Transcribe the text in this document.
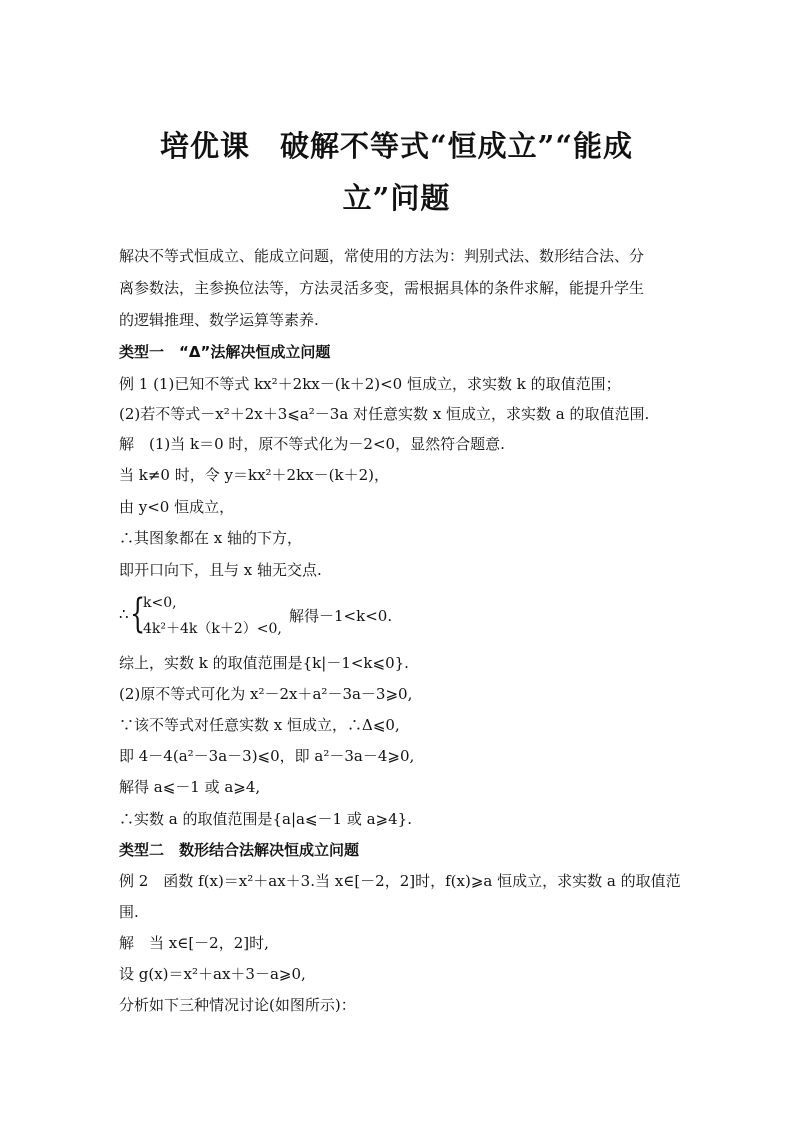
培优课　破解不等式“恒成立”“能成
立”问题
解决不等式恒成立、能成立问题，常使用的方法为：判别式法、数形结合法、分
离参数法，主参换位法等，方法灵活多变，需根据具体的条件求解，能提升学生
的逻辑推理、数学运算等素养.
类型一　“Δ”法解决恒成立问题
例 1 (1)已知不等式 kx²＋2kx－(k＋2)<0 恒成立，求实数 k 的取值范围；
(2)若不等式－x²＋2x＋3⩽a²－3a 对任意实数 x 恒成立，求实数 a 的取值范围.
解　(1)当 k＝0 时，原不等式化为－2<0，显然符合题意.
当 k≠0 时，令 y＝kx²＋2kx－(k＋2)，
由 y<0 恒成立，
∴其图象都在 x 轴的下方，
即开口向下，且与 x 轴无交点.
∴ {
k<0,
4k²＋4k（k＋2）<0,
解得－1<k<0.
综上，实数 k 的取值范围是{k|－1<k⩽0}.
(2)原不等式可化为 x²－2x＋a²－3a－3⩾0,
∵该不等式对任意实数 x 恒成立，∴Δ⩽0,
即 4－4(a²－3a－3)⩽0，即 a²－3a－4⩾0,
解得 a⩽－1 或 a⩾4,
∴实数 a 的取值范围是{a|a⩽－1 或 a⩾4}.
类型二　数形结合法解决恒成立问题
例 2　函数 f(x)＝x²＋ax＋3.当 x∈[－2，2]时，f(x)⩾a 恒成立，求实数 a 的取值范
围.
解　当 x∈[－2，2]时,
设 g(x)＝x²＋ax＋3－a⩾0,
分析如下三种情况讨论(如图所示)：
